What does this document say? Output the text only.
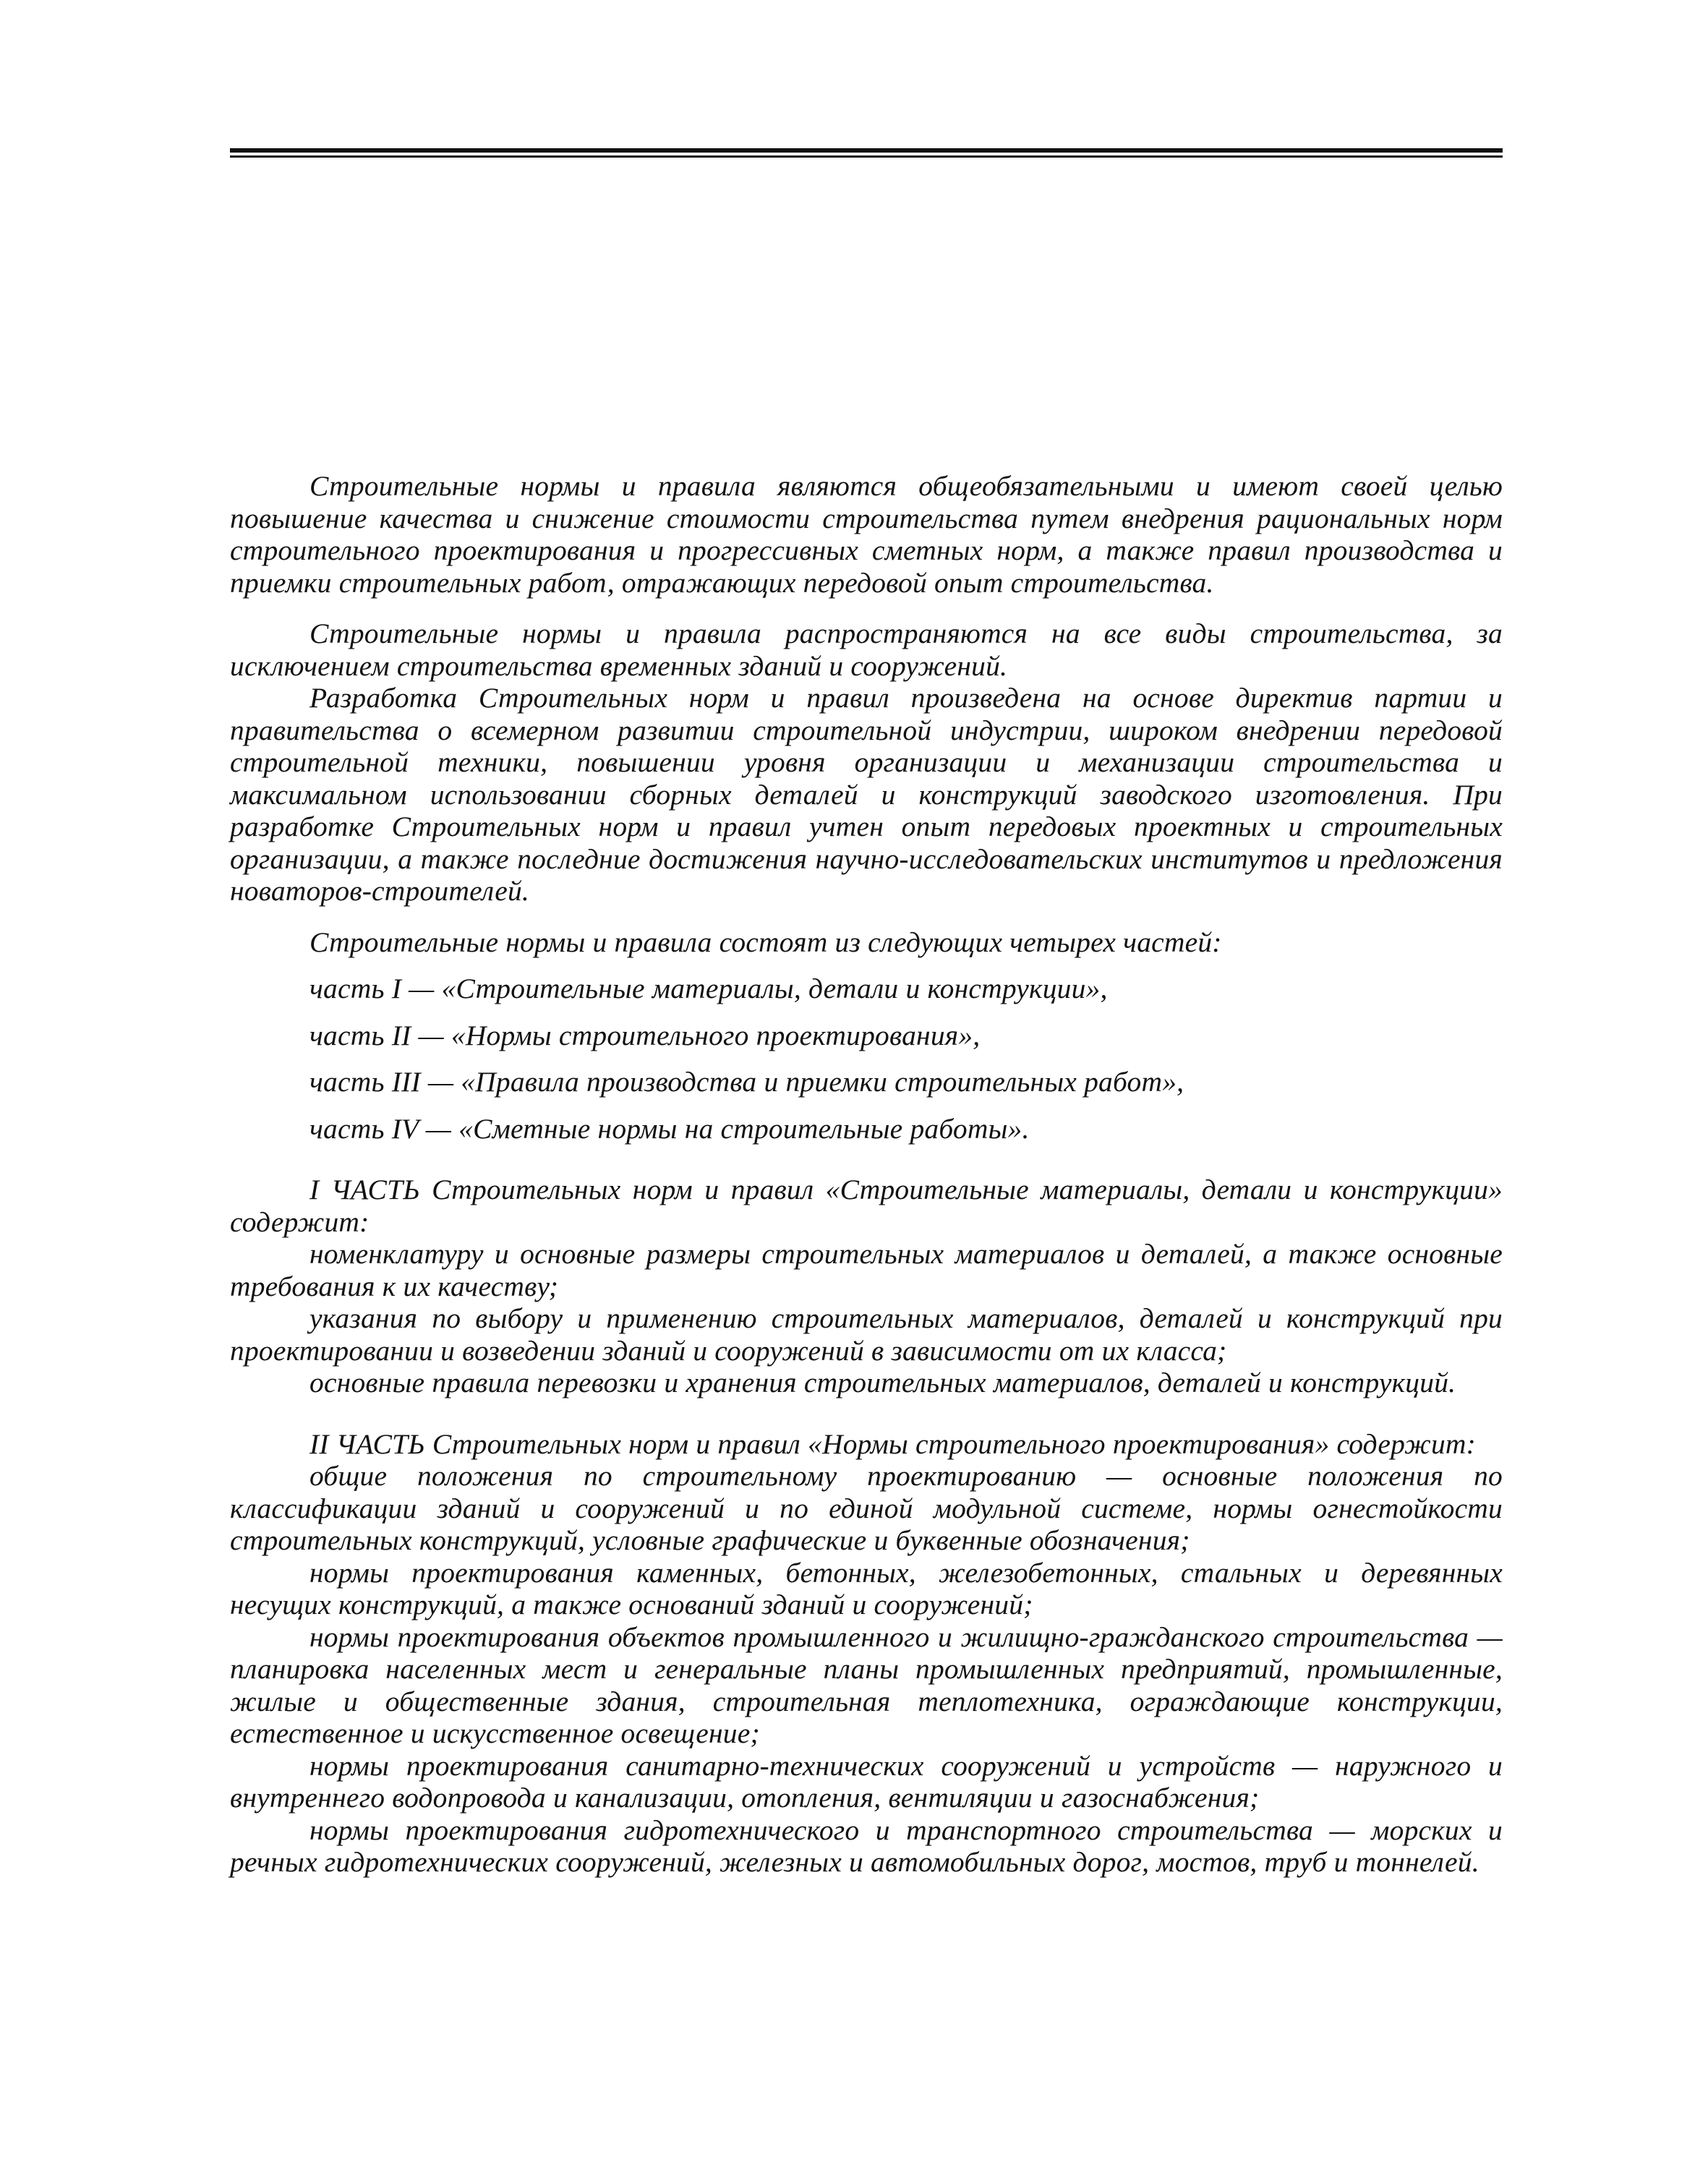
Строительные нормы и правила являются общеобязательными и имеют своей целью повышение качества и снижение стоимости строительства путем внедрения рациональных норм строительного проектирования и прогрессивных сметных норм, а также правил производства и приемки строительных работ, отражающих передовой опыт строительства.

Строительные нормы и правила распространяются на все виды строительства, за исключением строительства временных зданий и сооружений.

Разработка Строительных норм и правил произведена на основе директив партии и правительства о всемерном развитии строительной индустрии, широком внедрении передовой строительной техники, повышении уровня организации и механизации строительства и максимальном использовании сборных деталей и конструкций заводского изготовления. При разработке Строительных норм и правил учтен опыт передовых проектных и строительных организации, а также последние достижения научно-исследовательских институтов и предложения новаторов-строителей.

Строительные нормы и правила состоят из следующих четырех частей:

часть I — «Строительные материалы, детали и конструкции»,

часть II — «Нормы строительного проектирования»,

часть III — «Правила производства и приемки строительных работ»,

часть IV — «Сметные нормы на строительные работы».

I ЧАСТЬ Строительных норм и правил «Строительные материалы, детали и конструкции» содержит:

номенклатуру и основные размеры строительных материалов и деталей, а также основные требования к их качеству;

указания по выбору и применению строительных материалов, деталей и конструкций при проектировании и возведении зданий и сооружений в зависимости от их класса;

основные правила перевозки и хранения строительных материалов, деталей и конструкций.

II ЧАСТЬ Строительных норм и правил «Нормы строительного проектирования» содержит:

общие положения по строительному проектированию — основные положения по классификации зданий и сооружений и по единой модульной системе, нормы огнестойкости строительных конструкций, условные графические и буквенные обозначения;

нормы проектирования каменных, бетонных, железобетонных, стальных и деревянных несущих конструкций, а также оснований зданий и сооружений;

нормы проектирования объектов промышленного и жилищно-гражданского строительства — планировка населенных мест и генеральные планы промышленных предприятий, промышленные, жилые и общественные здания, строительная теплотехника, ограждающие конструкции, естественное и искусственное освещение;

нормы проектирования санитарно-технических сооружений и устройств — наружного и внутреннего водопровода и канализации, отопления, вентиляции и газоснабжения;

нормы проектирования гидротехнического и транспортного строительства — морских и речных гидротехнических сооружений, железных и автомобильных дорог, мостов, труб и тоннелей.
